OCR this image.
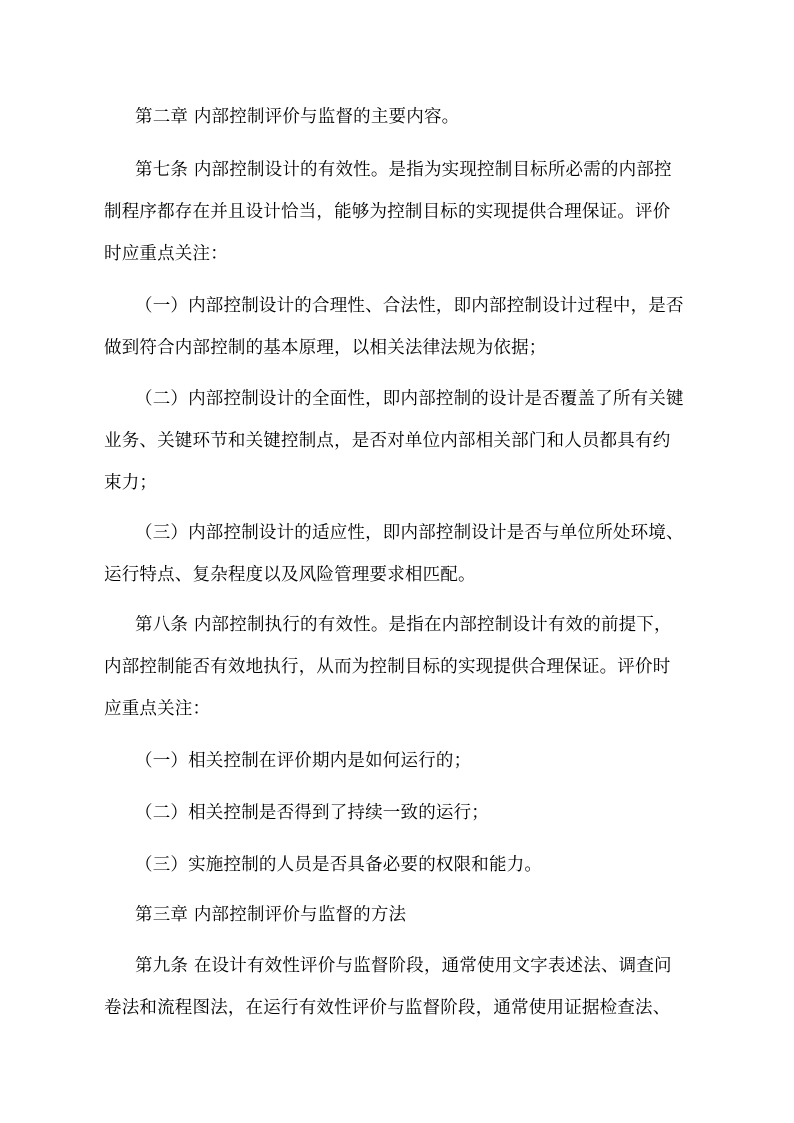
第二章 内部控制评价与监督的主要内容。
第七条 内部控制设计的有效性。是指为实现控制目标所必需的内部控
制程序都存在并且设计恰当，能够为控制目标的实现提供合理保证。评价
时应重点关注：
（一）内部控制设计的合理性、合法性，即内部控制设计过程中，是否
做到符合内部控制的基本原理，以相关法律法规为依据；
（二）内部控制设计的全面性，即内部控制的设计是否覆盖了所有关键
业务、关键环节和关键控制点，是否对单位内部相关部门和人员都具有约
束力；
（三）内部控制设计的适应性，即内部控制设计是否与单位所处环境、
运行特点、复杂程度以及风险管理要求相匹配。
第八条 内部控制执行的有效性。是指在内部控制设计有效的前提下，
内部控制能否有效地执行，从而为控制目标的实现提供合理保证。评价时
应重点关注：
（一）相关控制在评价期内是如何运行的；
（二）相关控制是否得到了持续一致的运行；
（三）实施控制的人员是否具备必要的权限和能力。
第三章 内部控制评价与监督的方法
第九条 在设计有效性评价与监督阶段，通常使用文字表述法、调查问
卷法和流程图法，在运行有效性评价与监督阶段，通常使用证据检查法、
